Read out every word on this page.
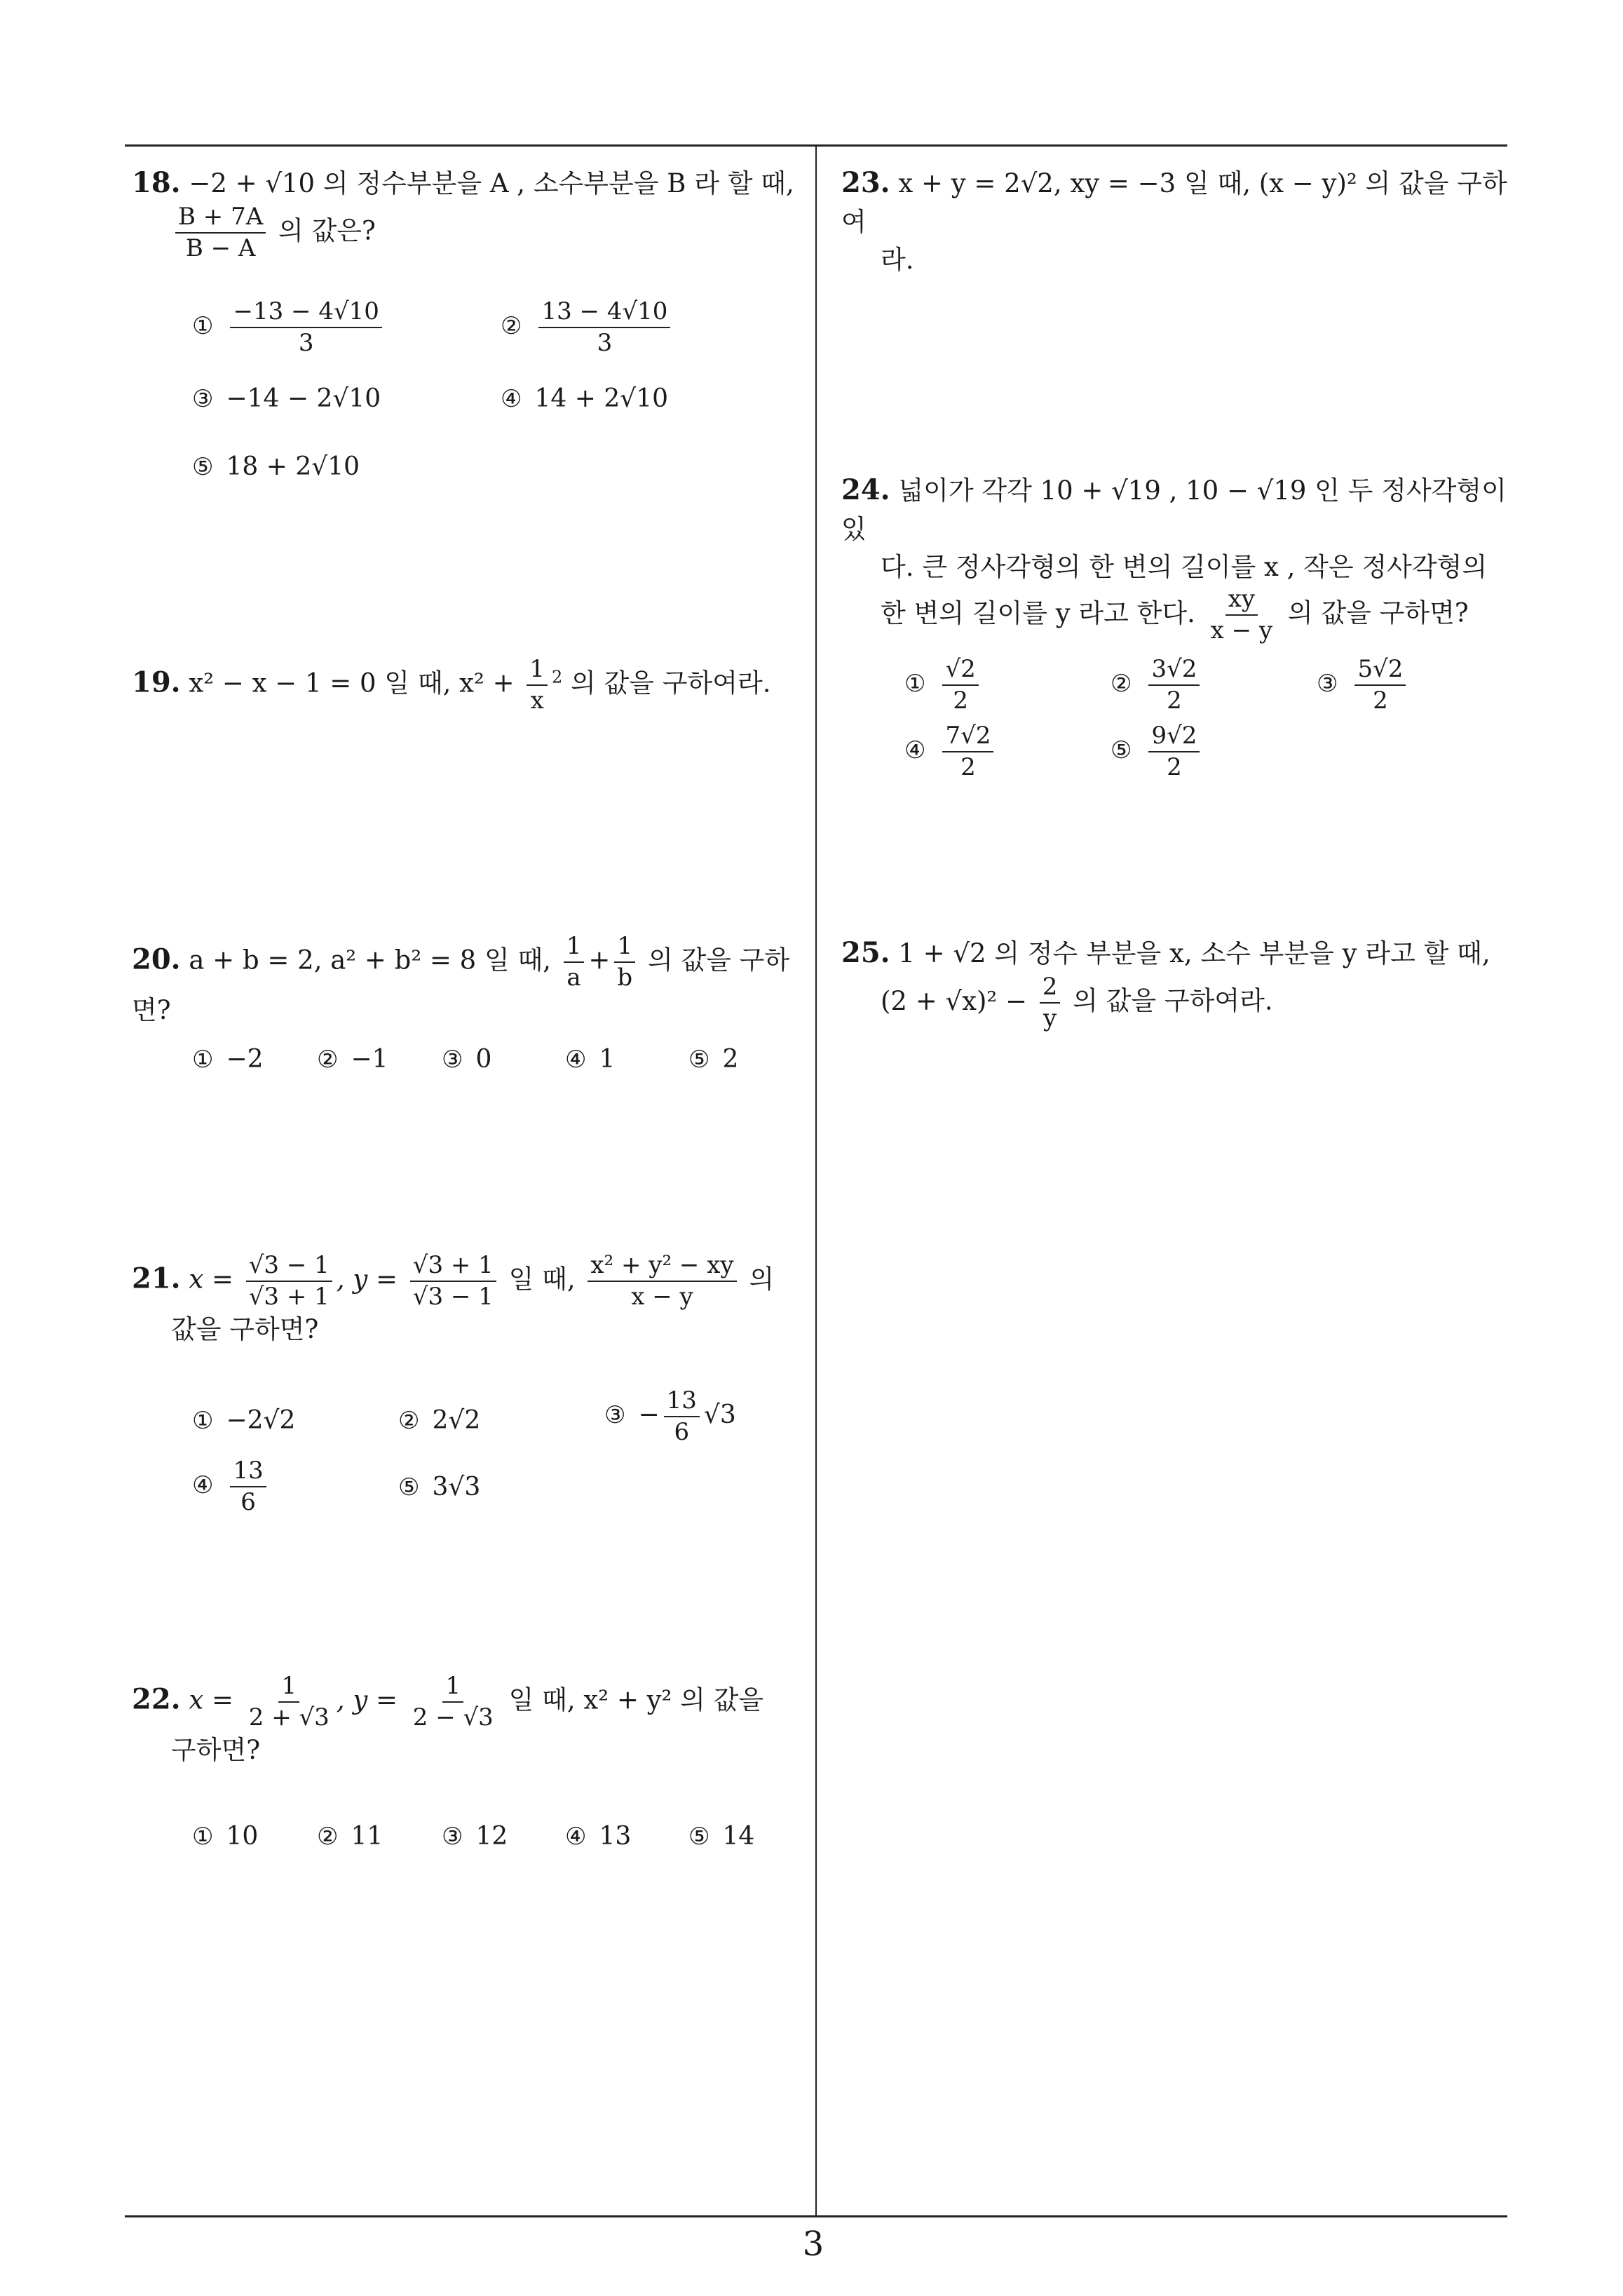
18. −2 + √10 의 정수부분을 A , 소수부분을 B 라 할 때,

$\frac{B + 7A}{B - A}$ 의 값은?
① $\frac{-13 - 4√10}{3}$	② $\frac{13 - 4√10}{3}$
③ −14 − 2√10	④ 14 + 2√10
⑤ 18 + 2√10
19. x² − x − 1 = 0 일 때, $x^2 + \frac{1}{x} ^2$ 의 값을 구하여라.
20. a + b = 2, a² + b² = 8 일 때, $\frac{1}{a} + \frac{1}{b}$ 의 값을 구하면?
① −2 ② −1 ③ 0	④ 1	⑤ 2
21. $x = \frac{√3 - 1}{√3 + 1}$ , $y = \frac{√3 + 1}{√3 - 1}$ 일 때, $\frac{\text{x² + y² − xy}}{x - y}$ 의
값을 구하면?
① −2√2	② 2√2	③ − $\frac{13}{6} √3$
④ $\frac{13}{6}$	⑤ 3√3
22. $x = \frac{1}{2 + √3}$ , $y = \frac{1}{2 - √3}$ 일 때, x² + y² 의 값을
구하면?
① 10 ② 11 ③ 12 ④ 13 ⑤ 14
23. x + y = 2√2, xy = −3 일 때, (x − y)² 의 값을 구하여
라.
24. 넓이가 각각 10 + √19 , 10 − √19 인 두 정사각형이 있
다. 큰 정사각형의 한 변의 길이를 x , 작은 정사각형의
한 변의 길이를 y 라고 한다. $\frac{xy}{x - y}$ 의 값을 구하면?
① $\frac{√2}{2}$	② $\frac{3√2}{2}$	③ $\frac{5√2}{2}$
④ $\frac{7√2}{2}$	⑤ $\frac{9√2}{2}$
25. 1 + √2 의 정수 부분을 x, 소수 부분을 y 라고 할 때,
$(2 + √x)^2 - \frac{2}{y}$ 의 값을 구하여라.
3
